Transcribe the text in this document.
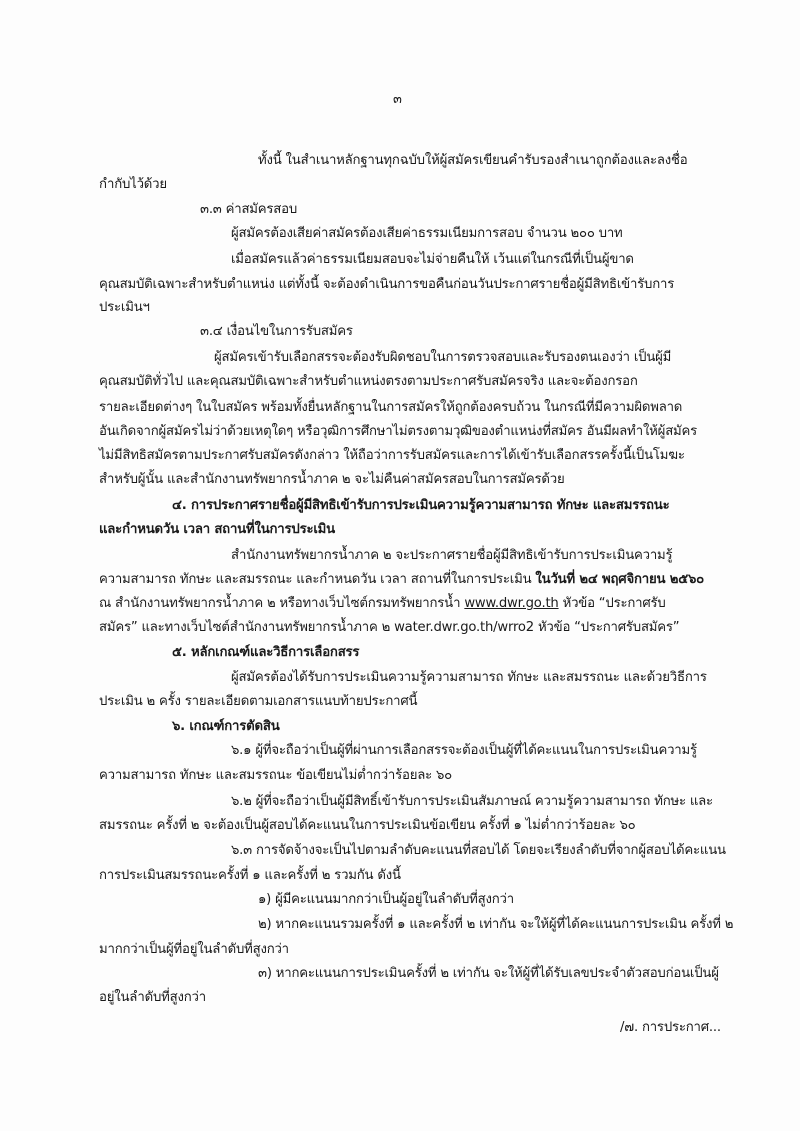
๓
ทั้งนี้ ในสำเนาหลักฐานทุกฉบับให้ผู้สมัครเขียนคำรับรองสำเนาถูกต้องและลงชื่อ
กำกับไว้ด้วย
๓.๓ ค่าสมัครสอบ
ผู้สมัครต้องเสียค่าสมัครต้องเสียค่าธรรมเนียมการสอบ จำนวน ๒๐๐ บาท
เมื่อสมัครแล้วค่าธรรมเนียมสอบจะไม่จ่ายคืนให้ เว้นแต่ในกรณีที่เป็นผู้ขาด
คุณสมบัติเฉพาะสำหรับตำแหน่ง แต่ทั้งนี้ จะต้องดำเนินการขอคืนก่อนวันประกาศรายชื่อผู้มีสิทธิเข้ารับการ
ประเมินฯ
๓.๔ เงื่อนไขในการรับสมัคร
ผู้สมัครเข้ารับเลือกสรรจะต้องรับผิดชอบในการตรวจสอบและรับรองตนเองว่า เป็นผู้มี
คุณสมบัติทั่วไป และคุณสมบัติเฉพาะสำหรับตำแหน่งตรงตามประกาศรับสมัครจริง และจะต้องกรอก
รายละเอียดต่างๆ ในใบสมัคร พร้อมทั้งยื่นหลักฐานในการสมัครให้ถูกต้องครบถ้วน ในกรณีที่มีความผิดพลาด
อันเกิดจากผู้สมัครไม่ว่าด้วยเหตุใดๆ หรือวุฒิการศึกษาไม่ตรงตามวุฒิของตำแหน่งที่สมัคร อันมีผลทำให้ผู้สมัคร
ไม่มีสิทธิสมัครตามประกาศรับสมัครดังกล่าว ให้ถือว่าการรับสมัครและการได้เข้ารับเลือกสรรครั้งนี้เป็นโมฆะ
สำหรับผู้นั้น และสำนักงานทรัพยากรน้ำภาค ๒ จะไม่คืนค่าสมัครสอบในการสมัครด้วย
๔. การประกาศรายชื่อผู้มีสิทธิเข้ารับการประเมินความรู้ความสามารถ ทักษะ และสมรรถนะ
และกำหนดวัน เวลา สถานที่ในการประเมิน
สำนักงานทรัพยากรน้ำภาค ๒ จะประกาศรายชื่อผู้มีสิทธิเข้ารับการประเมินความรู้
ความสามารถ ทักษะ และสมรรถนะ และกำหนดวัน เวลา สถานที่ในการประเมิน ในวันที่ ๒๔ พฤศจิกายน ๒๕๖๐
ณ สำนักงานทรัพยากรน้ำภาค ๒ หรือทางเว็บไซต์กรมทรัพยากรน้ำ www.dwr.go.th หัวข้อ “ประกาศรับ
สมัคร” และทางเว็บไซต์สำนักงานทรัพยากรน้ำภาค ๒ water.dwr.go.th/wrro2 หัวข้อ “ประกาศรับสมัคร”
๕. หลักเกณฑ์และวิธีการเลือกสรร
ผู้สมัครต้องได้รับการประเมินความรู้ความสามารถ ทักษะ และสมรรถนะ และด้วยวิธีการ
ประเมิน ๒ ครั้ง รายละเอียดตามเอกสารแนบท้ายประกาศนี้
๖. เกณฑ์การตัดสิน
๖.๑ ผู้ที่จะถือว่าเป็นผู้ที่ผ่านการเลือกสรรจะต้องเป็นผู้ที่ได้คะแนนในการประเมินความรู้
ความสามารถ ทักษะ และสมรรถนะ ข้อเขียนไม่ต่ำกว่าร้อยละ ๖๐
๖.๒ ผู้ที่จะถือว่าเป็นผู้มีสิทธิ์เข้ารับการประเมินสัมภาษณ์ ความรู้ความสามารถ ทักษะ และ
สมรรถนะ ครั้งที่ ๒ จะต้องเป็นผู้สอบได้คะแนนในการประเมินข้อเขียน ครั้งที่ ๑ ไม่ต่ำกว่าร้อยละ ๖๐
๖.๓ การจัดจ้างจะเป็นไปตามลำดับคะแนนที่สอบได้ โดยจะเรียงลำดับที่จากผู้สอบได้คะแนน
การประเมินสมรรถนะครั้งที่ ๑ และครั้งที่ ๒ รวมกัน ดังนี้
๑) ผู้มีคะแนนมากกว่าเป็นผู้อยู่ในลำดับที่สูงกว่า
๒) หากคะแนนรวมครั้งที่ ๑ และครั้งที่ ๒ เท่ากัน จะให้ผู้ที่ได้คะแนนการประเมิน ครั้งที่ ๒
มากกว่าเป็นผู้ที่อยู่ในลำดับที่สูงกว่า
๓) หากคะแนนการประเมินครั้งที่ ๒ เท่ากัน จะให้ผู้ที่ได้รับเลขประจำตัวสอบก่อนเป็นผู้
อยู่ในลำดับที่สูงกว่า
/๗. การประกาศ...
